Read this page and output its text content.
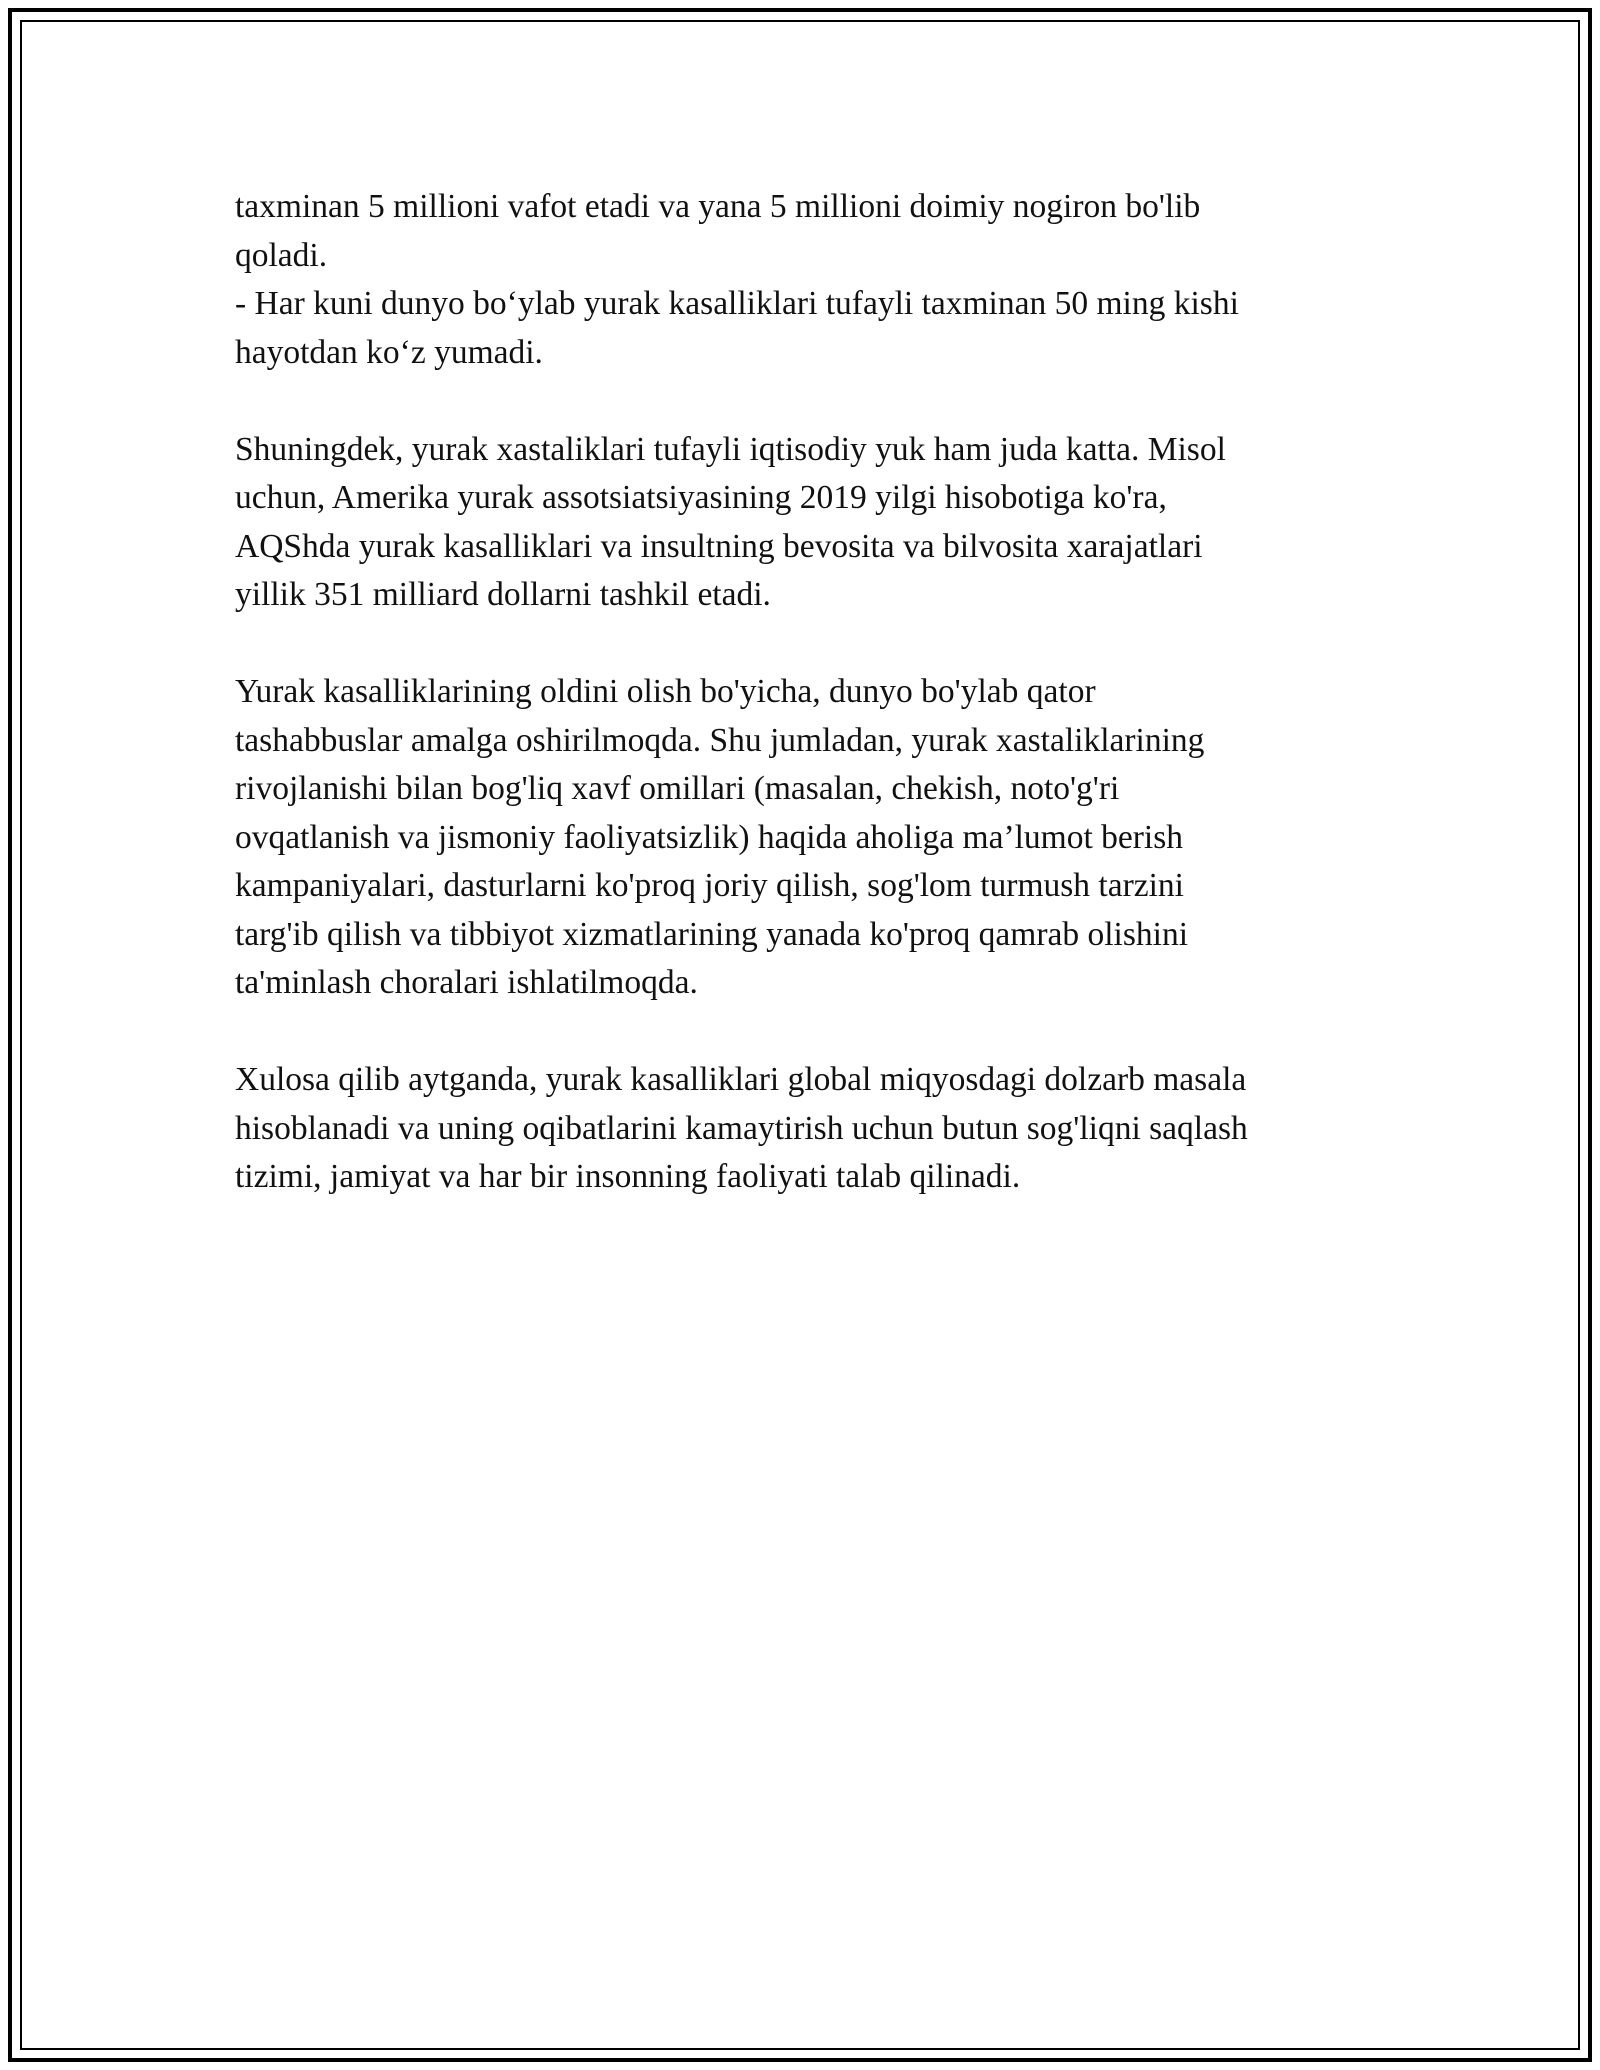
taxminan 5 millioni vafot etadi va yana 5 millioni doimiy nogiron bo'lib
qoladi.
- Har kuni dunyo bo‘ylab yurak kasalliklari tufayli taxminan 50 ming kishi
hayotdan ko‘z yumadi.

Shuningdek, yurak xastaliklari tufayli iqtisodiy yuk ham juda katta. Misol
uchun, Amerika yurak assotsiatsiyasining 2019 yilgi hisobotiga ko'ra,
AQShda yurak kasalliklari va insultning bevosita va bilvosita xarajatlari
yillik 351 milliard dollarni tashkil etadi.

Yurak kasalliklarining oldini olish bo'yicha, dunyo bo'ylab qator
tashabbuslar amalga oshirilmoqda. Shu jumladan, yurak xastaliklarining
rivojlanishi bilan bog'liq xavf omillari (masalan, chekish, noto'g'ri
ovqatlanish va jismoniy faoliyatsizlik) haqida aholiga ma’lumot berish
kampaniyalari, dasturlarni ko'proq joriy qilish, sog'lom turmush tarzini
targ'ib qilish va tibbiyot xizmatlarining yanada ko'proq qamrab olishini
ta'minlash choralari ishlatilmoqda.

Xulosa qilib aytganda, yurak kasalliklari global miqyosdagi dolzarb masala
hisoblanadi va uning oqibatlarini kamaytirish uchun butun sog'liqni saqlash
tizimi, jamiyat va har bir insonning faoliyati talab qilinadi.
